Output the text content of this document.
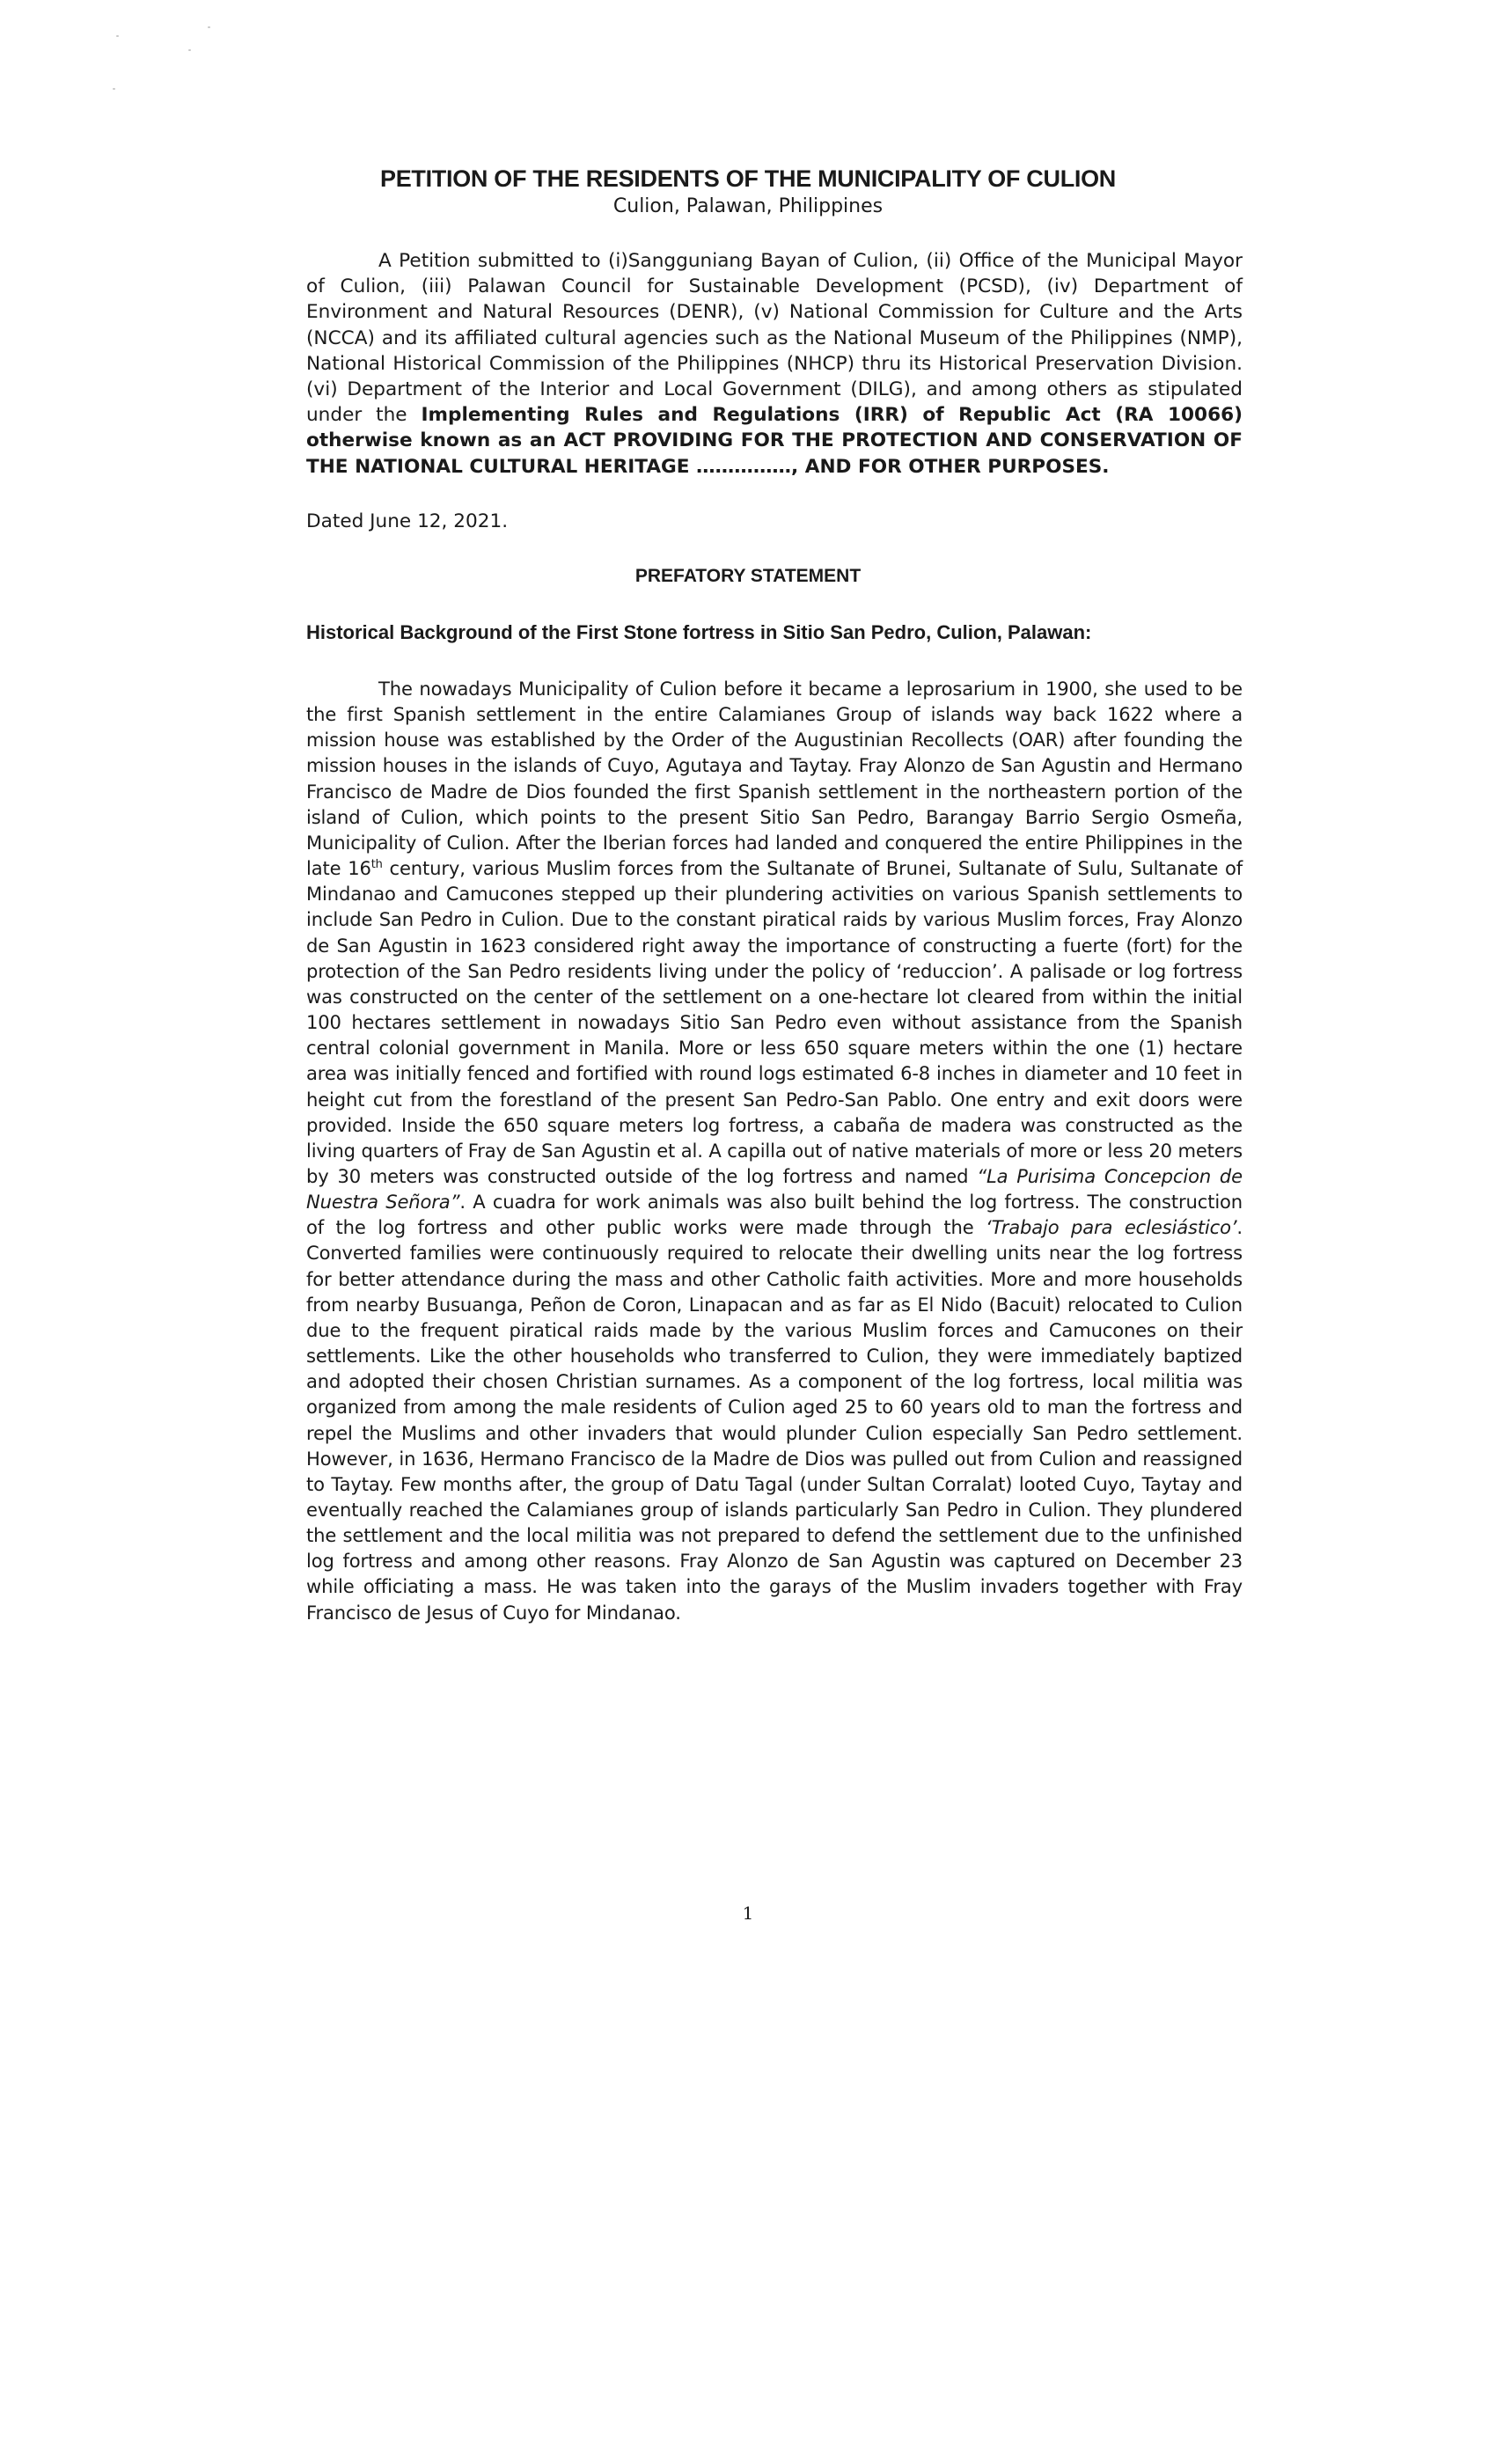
PETITION OF THE RESIDENTS OF THE MUNICIPALITY OF CULION

Culion, Palawan, Philippines

A Petition submitted to (i)Sangguniang Bayan of Culion, (ii) Office of the Municipal Mayor of Culion, (iii) Palawan Council for Sustainable Development (PCSD), (iv) Department of Environment and Natural Resources (DENR), (v) National Commission for Culture and the Arts (NCCA) and its affiliated cultural agencies such as the National Museum of the Philippines (NMP), National Historical Commission of the Philippines (NHCP) thru its Historical Preservation Division. (vi) Department of the Interior and Local Government (DILG), and among others as stipulated under the Implementing Rules and Regulations (IRR) of Republic Act (RA 10066) otherwise known as an ACT PROVIDING FOR THE PROTECTION AND CONSERVATION OF THE NATIONAL CULTURAL HERITAGE ……………, AND FOR OTHER PURPOSES.

Dated June 12, 2021.

PREFATORY STATEMENT
Historical Background of the First Stone fortress in Sitio San Pedro, Culion, Palawan:

The nowadays Municipality of Culion before it became a leprosarium in 1900, she used to be the first Spanish settlement in the entire Calamianes Group of islands way back 1622 where a mission house was established by the Order of the Augustinian Recollects (OAR) after founding the mission houses in the islands of Cuyo, Agutaya and Taytay. Fray Alonzo de San Agustin and Hermano Francisco de Madre de Dios founded the first Spanish settlement in the northeastern portion of the island of Culion, which points to the present Sitio San Pedro, Barangay Barrio Sergio Osmeña, Municipality of Culion. After the Iberian forces had landed and conquered the entire Philippines in the late 16th century, various Muslim forces from the Sultanate of Brunei, Sultanate of Sulu, Sultanate of Mindanao and Camucones stepped up their plundering activities on various Spanish settlements to include San Pedro in Culion. Due to the constant piratical raids by various Muslim forces, Fray Alonzo de San Agustin in 1623 considered right away the importance of constructing a fuerte (fort) for the protection of the San Pedro residents living under the policy of ‘reduccion’. A palisade or log fortress was constructed on the center of the settlement on a one-hectare lot cleared from within the initial 100 hectares settlement in nowadays Sitio San Pedro even without assistance from the Spanish central colonial government in Manila. More or less 650 square meters within the one (1) hectare area was initially fenced and fortified with round logs estimated 6-8 inches in diameter and 10 feet in height cut from the forestland of the present San Pedro-San Pablo. One entry and exit doors were provided. Inside the 650 square meters log fortress, a cabaña de madera was constructed as the living quarters of Fray de San Agustin et al. A capilla out of native materials of more or less 20 meters by 30 meters was constructed outside of the log fortress and named “La Purisima Concepcion de Nuestra Señora”. A cuadra for work animals was also built behind the log fortress. The construction of the log fortress and other public works were made through the ‘Trabajo para eclesiástico’. Converted families were continuously required to relocate their dwelling units near the log fortress for better attendance during the mass and other Catholic faith activities. More and more households from nearby Busuanga, Peñon de Coron, Linapacan and as far as El Nido (Bacuit) relocated to Culion due to the frequent piratical raids made by the various Muslim forces and Camucones on their settlements. Like the other households who transferred to Culion, they were immediately baptized and adopted their chosen Christian surnames. As a component of the log fortress, local militia was organized from among the male residents of Culion aged 25 to 60 years old to man the fortress and repel the Muslims and other invaders that would plunder Culion especially San Pedro settlement. However, in 1636, Hermano Francisco de la Madre de Dios was pulled out from Culion and reassigned to Taytay. Few months after, the group of Datu Tagal (under Sultan Corralat) looted Cuyo, Taytay and eventually reached the Calamianes group of islands particularly San Pedro in Culion. They plundered the settlement and the local militia was not prepared to defend the settlement due to the unfinished log fortress and among other reasons. Fray Alonzo de San Agustin was captured on December 23 while officiating a mass. He was taken into the garays of the Muslim invaders together with Fray Francisco de Jesus of Cuyo for Mindanao.

1
